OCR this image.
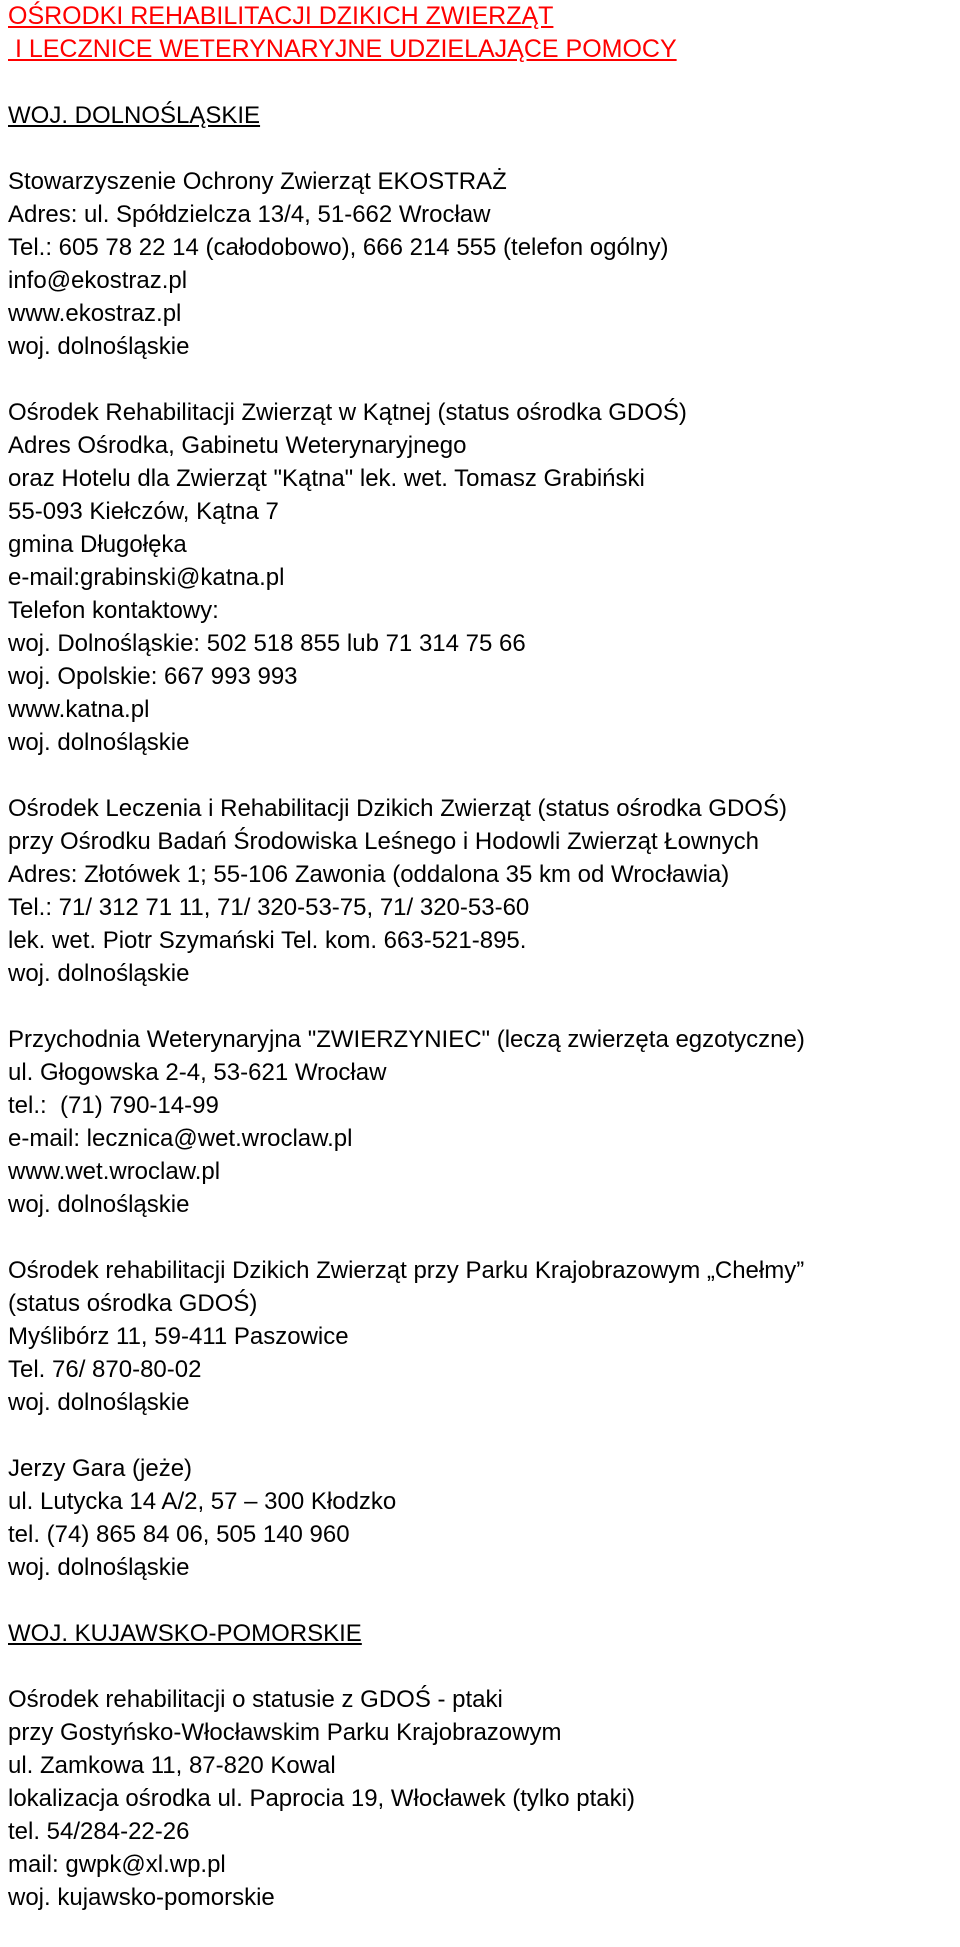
OŚRODKI REHABILITACJI DZIKICH ZWIERZĄT
I LECZNICE WETERYNARYJNE UDZIELAJĄCE POMOCY
WOJ. DOLNOŚLĄSKIE
Stowarzyszenie Ochrony Zwierząt EKOSTRAŻ
Adres: ul. Spółdzielcza 13/4, 51-662 Wrocław
Tel.: 605 78 22 14 (całodobowo), 666 214 555 (telefon ogólny)
info@ekostraz.pl
www.ekostraz.pl
woj. dolnośląskie
Ośrodek Rehabilitacji Zwierząt w Kątnej (status ośrodka GDOŚ)
Adres Ośrodka, Gabinetu Weterynaryjnego
oraz Hotelu dla Zwierząt "Kątna" lek. wet. Tomasz Grabiński
55-093 Kiełczów, Kątna 7
gmina Długołęka
e-mail:grabinski@katna.pl
Telefon kontaktowy:
woj. Dolnośląskie: 502 518 855 lub 71 314 75 66
woj. Opolskie: 667 993 993
www.katna.pl
woj. dolnośląskie
Ośrodek Leczenia i Rehabilitacji Dzikich Zwierząt (status ośrodka GDOŚ)
przy Ośrodku Badań Środowiska Leśnego i Hodowli Zwierząt Łownych
Adres: Złotówek 1; 55-106 Zawonia (oddalona 35 km od Wrocławia)
Tel.: 71/ 312 71 11, 71/ 320-53-75, 71/ 320-53-60
lek. wet. Piotr Szymański Tel. kom. 663-521-895.
woj. dolnośląskie
Przychodnia Weterynaryjna "ZWIERZYNIEC" (leczą zwierzęta egzotyczne)
ul. Głogowska 2-4, 53-621 Wrocław
tel.:  (71) 790-14-99
e-mail: lecznica@wet.wroclaw.pl
www.wet.wroclaw.pl
woj. dolnośląskie
Ośrodek rehabilitacji Dzikich Zwierząt przy Parku Krajobrazowym „Chełmy”
(status ośrodka GDOŚ)
Myślibórz 11, 59-411 Paszowice
Tel. 76/ 870-80-02
woj. dolnośląskie
Jerzy Gara (jeże)
ul. Lutycka 14 A/2, 57 – 300 Kłodzko
tel. (74) 865 84 06, 505 140 960
woj. dolnośląskie
WOJ. KUJAWSKO-POMORSKIE
Ośrodek rehabilitacji o statusie z GDOŚ - ptaki
przy Gostyńsko-Włocławskim Parku Krajobrazowym
ul. Zamkowa 11, 87-820 Kowal
lokalizacja ośrodka ul. Paprocia 19, Włocławek (tylko ptaki)
tel. 54/284-22-26
mail: gwpk@xl.wp.pl
woj. kujawsko-pomorskie
